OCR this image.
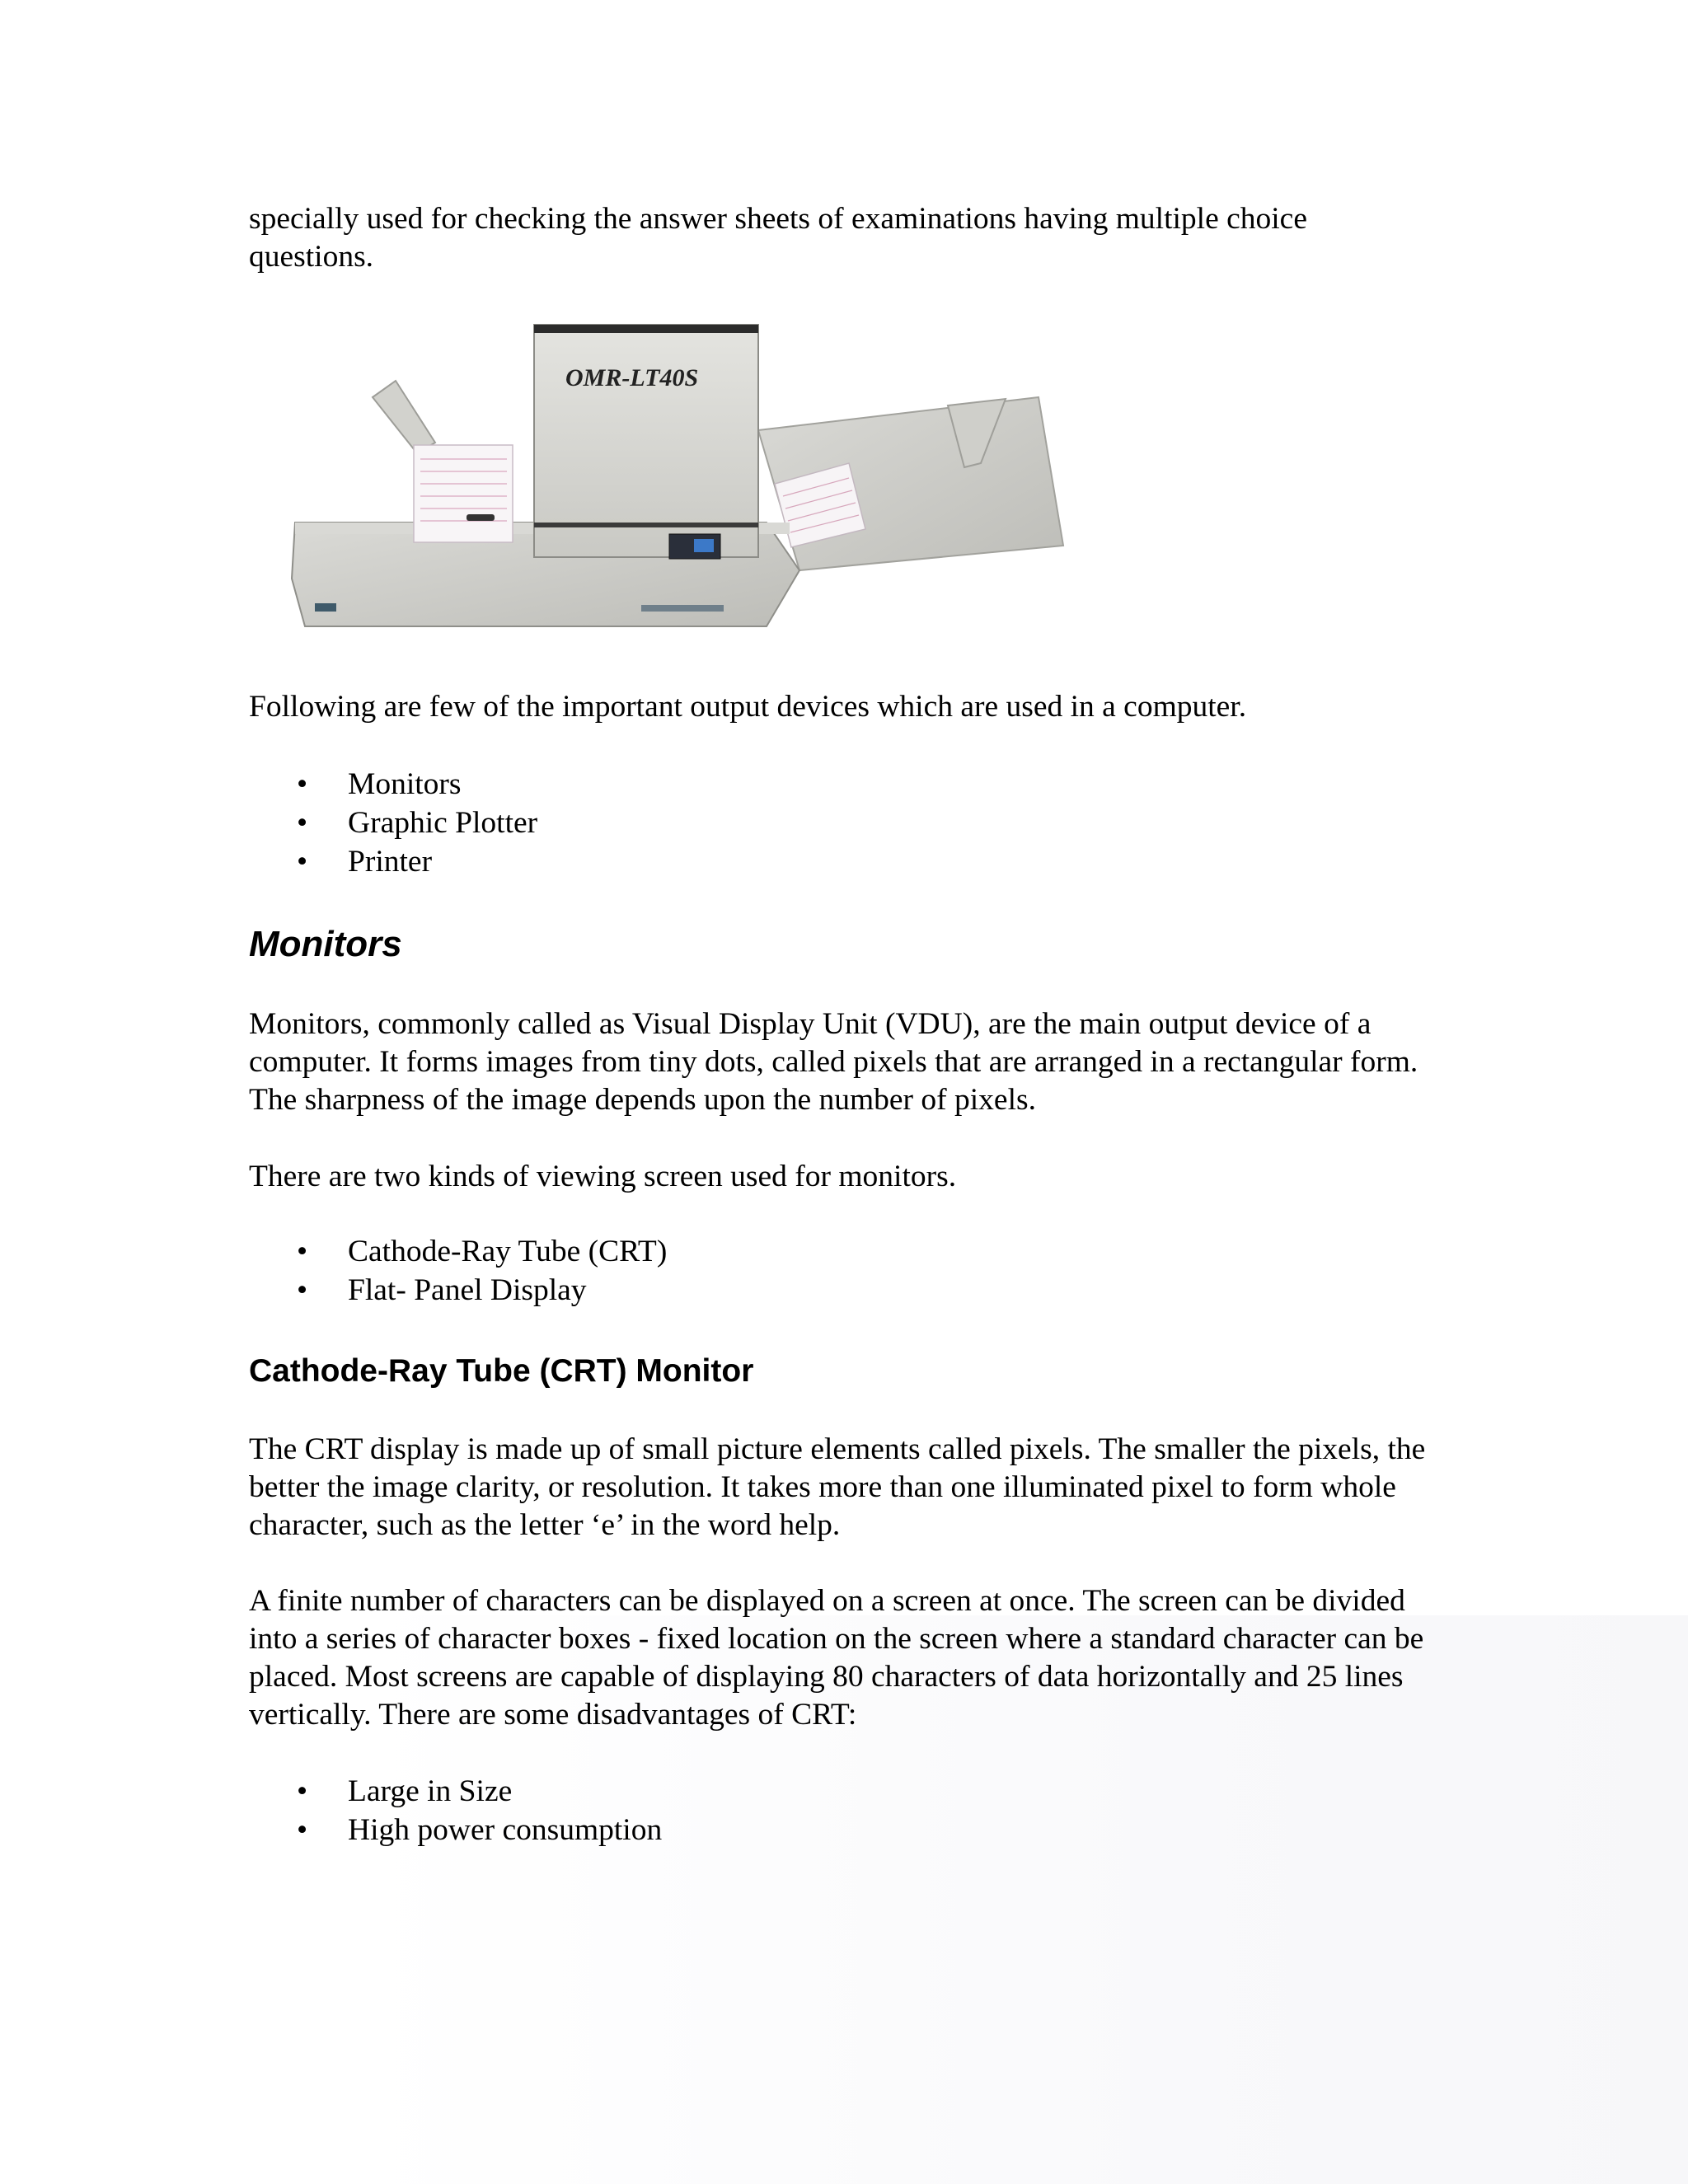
specially used for checking the answer sheets of examinations having multiple choice questions.

OMR-LT40S

Following are few of the important output devices which are used in a computer.

• Monitors
• Graphic Plotter
• Printer
Monitors

Monitors, commonly called as Visual Display Unit (VDU), are the main output device of a computer. It forms images from tiny dots, called pixels that are arranged in a rectangular form. The sharpness of the image depends upon the number of pixels.

There are two kinds of viewing screen used for monitors.

• Cathode-Ray Tube (CRT)
• Flat- Panel Display
Cathode-Ray Tube (CRT) Monitor

The CRT display is made up of small picture elements called pixels. The smaller the pixels, the better the image clarity, or resolution. It takes more than one illuminated pixel to form whole character, such as the letter ‘e’ in the word help.

A finite number of characters can be displayed on a screen at once. The screen can be divided into a series of character boxes - fixed location on the screen where a standard character can be placed. Most screens are capable of displaying 80 characters of data horizontally and 25 lines vertically. There are some disadvantages of CRT:

• Large in Size
• High power consumption
